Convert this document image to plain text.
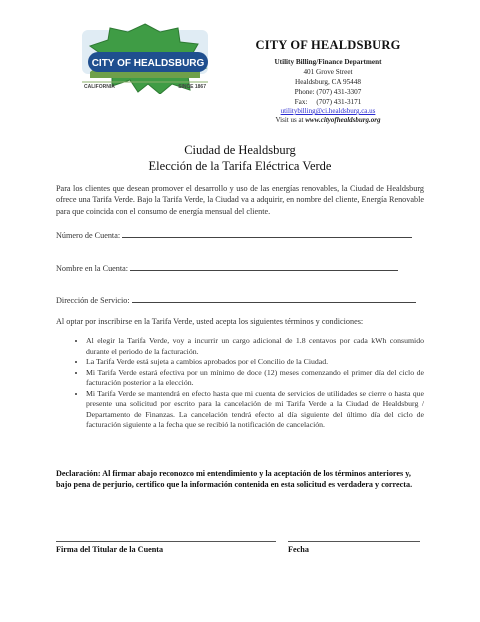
CITY OF HEALDSBURG
CALIFORNIA	SINCE 1867
CITY OF HEALDSBURG
Utility Billing/Finance Department
401 Grove Street
Healdsburg, CA 95448
Phone: (707) 431-3307
Fax:     (707) 431-3171
utilitybilling@ci.healdsburg.ca.us
Visit us at www.cityofhealdsburg.org
Ciudad de Healdsburg
Elección de la Tarifa Eléctrica Verde
Para los clientes que desean promover el desarrollo y uso de las energías renovables, la Ciudad de Healdsburg ofrece una Tarifa Verde. Bajo la Tarifa Verde, la Ciudad va a adquirir, en nombre del cliente, Energía Renovable para que coincida con el consumo de energía mensual del cliente.
Número de Cuenta:
Nombre en la Cuenta:
Dirección de Servicio:
Al optar por inscribirse en la Tarifa Verde, usted acepta los siguientes términos y condiciones:
• Al elegir la Tarifa Verde, voy a incurrir un cargo adicional de 1.8 centavos por cada kWh consumido durante el periodo de la facturación.
• La Tarifa Verde está sujeta a cambios aprobados por el Concilio de la Ciudad.
• Mi Tarifa Verde estará efectiva por un mínimo de doce (12) meses comenzando el primer día del ciclo de facturación posterior a la elección.
• Mi Tarifa Verde se mantendrá en efecto hasta que mi cuenta de servicios de utilidades se cierre o hasta que presente una solicitud por escrito para la cancelación de mi Tarifa Verde a la Ciudad de Healdsburg / Departamento de Finanzas. La cancelación tendrá efecto al día siguiente del último día del ciclo de facturación siguiente a la fecha que se recibió la notificación de cancelación.
Declaración: Al firmar abajo reconozco mi entendimiento y la aceptación de los términos anteriores y, bajo pena de perjurio, certifico que la información contenida en esta solicitud es verdadera y correcta.
Firma del Titular de la Cuenta	Fecha
